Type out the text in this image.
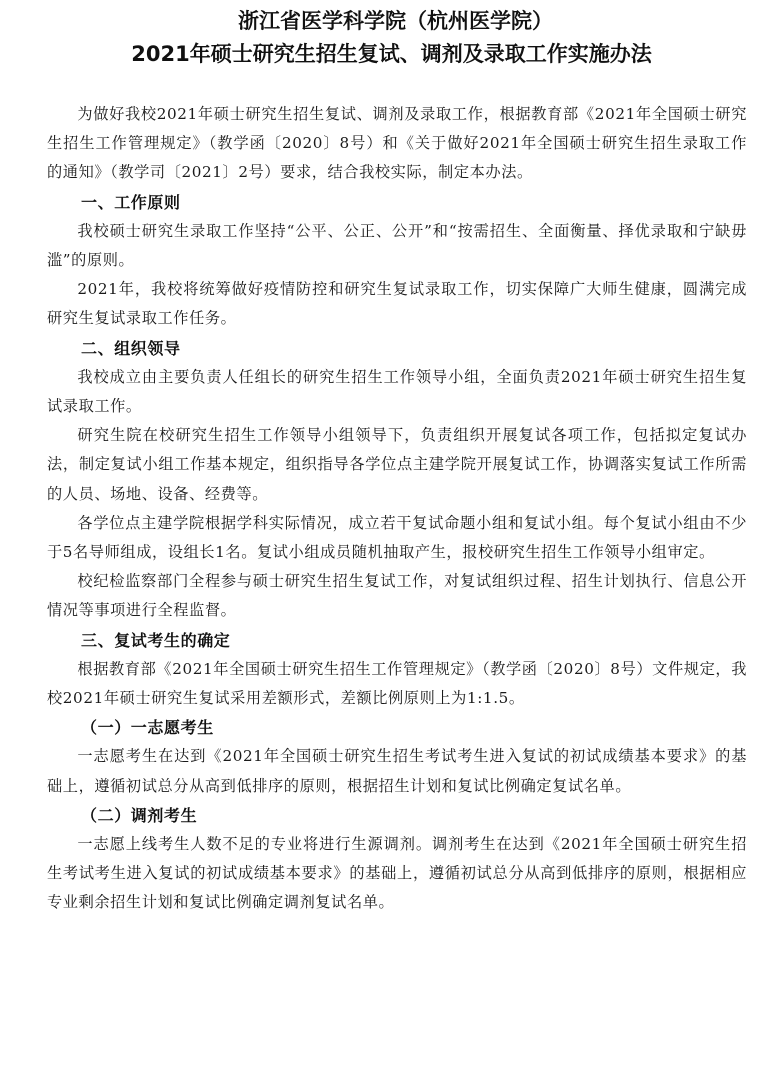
浙江省医学科学院（杭州医学院）

2021年硕士研究生招生复试、调剂及录取工作实施办法

为做好我校2021年硕士研究生招生复试、调剂及录取工作，根据教育部《2021年全国硕士研究生招生工作管理规定》（教学函〔2020〕8号）和《关于做好2021年全国硕士研究生招生录取工作的通知》（教学司〔2021〕2号）要求，结合我校实际，制定本办法。

一、工作原则

我校硕士研究生录取工作坚持“公平、公正、公开”和“按需招生、全面衡量、择优录取和宁缺毋滥”的原则。

2021年，我校将统筹做好疫情防控和研究生复试录取工作，切实保障广大师生健康，圆满完成研究生复试录取工作任务。

二、组织领导

我校成立由主要负责人任组长的研究生招生工作领导小组，全面负责2021年硕士研究生招生复试录取工作。

研究生院在校研究生招生工作领导小组领导下，负责组织开展复试各项工作，包括拟定复试办法，制定复试小组工作基本规定，组织指导各学位点主建学院开展复试工作，协调落实复试工作所需的人员、场地、设备、经费等。

各学位点主建学院根据学科实际情况，成立若干复试命题小组和复试小组。每个复试小组由不少于5名导师组成，设组长1名。复试小组成员随机抽取产生，报校研究生招生工作领导小组审定。

校纪检监察部门全程参与硕士研究生招生复试工作，对复试组织过程、招生计划执行、信息公开情况等事项进行全程监督。

三、复试考生的确定

根据教育部《2021年全国硕士研究生招生工作管理规定》（教学函〔2020〕8号）文件规定，我校2021年硕士研究生复试采用差额形式，差额比例原则上为1:1.5。

（一）一志愿考生

一志愿考生在达到《2021年全国硕士研究生招生考试考生进入复试的初试成绩基本要求》的基础上，遵循初试总分从高到低排序的原则，根据招生计划和复试比例确定复试名单。

（二）调剂考生

一志愿上线考生人数不足的专业将进行生源调剂。调剂考生在达到《2021年全国硕士研究生招生考试考生进入复试的初试成绩基本要求》的基础上，遵循初试总分从高到低排序的原则，根据相应专业剩余招生计划和复试比例确定调剂复试名单。
